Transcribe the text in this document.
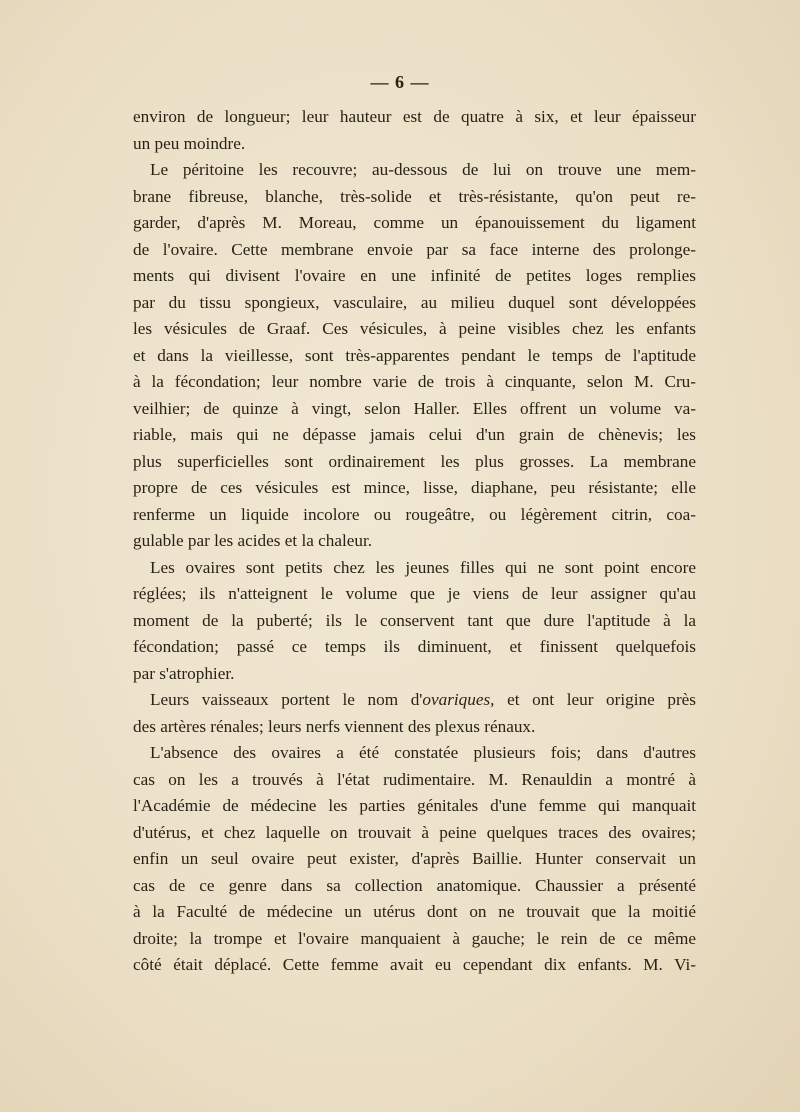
— 6 —
environ de longueur; leur hauteur est de quatre à six, et leur épaisseur
un peu moindre.
Le péritoine les recouvre; au-dessous de lui on trouve une mem-
brane fibreuse, blanche, très-solide et très-résistante, qu'on peut re-
garder, d'après M. Moreau, comme un épanouissement du ligament
de l'ovaire. Cette membrane envoie par sa face interne des prolonge-
ments qui divisent l'ovaire en une infinité de petites loges remplies
par du tissu spongieux, vasculaire, au milieu duquel sont développées
les vésicules de Graaf. Ces vésicules, à peine visibles chez les enfants
et dans la vieillesse, sont très-apparentes pendant le temps de l'aptitude
à la fécondation; leur nombre varie de trois à cinquante, selon M. Cru-
veilhier; de quinze à vingt, selon Haller. Elles offrent un volume va-
riable, mais qui ne dépasse jamais celui d'un grain de chènevis; les
plus superficielles sont ordinairement les plus grosses. La membrane
propre de ces vésicules est mince, lisse, diaphane, peu résistante; elle
renferme un liquide incolore ou rougeâtre, ou légèrement citrin, coa-
gulable par les acides et la chaleur.
Les ovaires sont petits chez les jeunes filles qui ne sont point encore
réglées; ils n'atteignent le volume que je viens de leur assigner qu'au
moment de la puberté; ils le conservent tant que dure l'aptitude à la
fécondation; passé ce temps ils diminuent, et finissent quelquefois
par s'atrophier.
Leurs vaisseaux portent le nom d'ovariques, et ont leur origine près
des artères rénales; leurs nerfs viennent des plexus rénaux.
L'absence des ovaires a été constatée plusieurs fois; dans d'autres
cas on les a trouvés à l'état rudimentaire. M. Renauldin a montré à
l'Académie de médecine les parties génitales d'une femme qui manquait
d'utérus, et chez laquelle on trouvait à peine quelques traces des ovaires;
enfin un seul ovaire peut exister, d'après Baillie. Hunter conservait un
cas de ce genre dans sa collection anatomique. Chaussier a présenté
à la Faculté de médecine un utérus dont on ne trouvait que la moitié
droite; la trompe et l'ovaire manquaient à gauche; le rein de ce même
côté était déplacé. Cette femme avait eu cependant dix enfants. M. Vi-
